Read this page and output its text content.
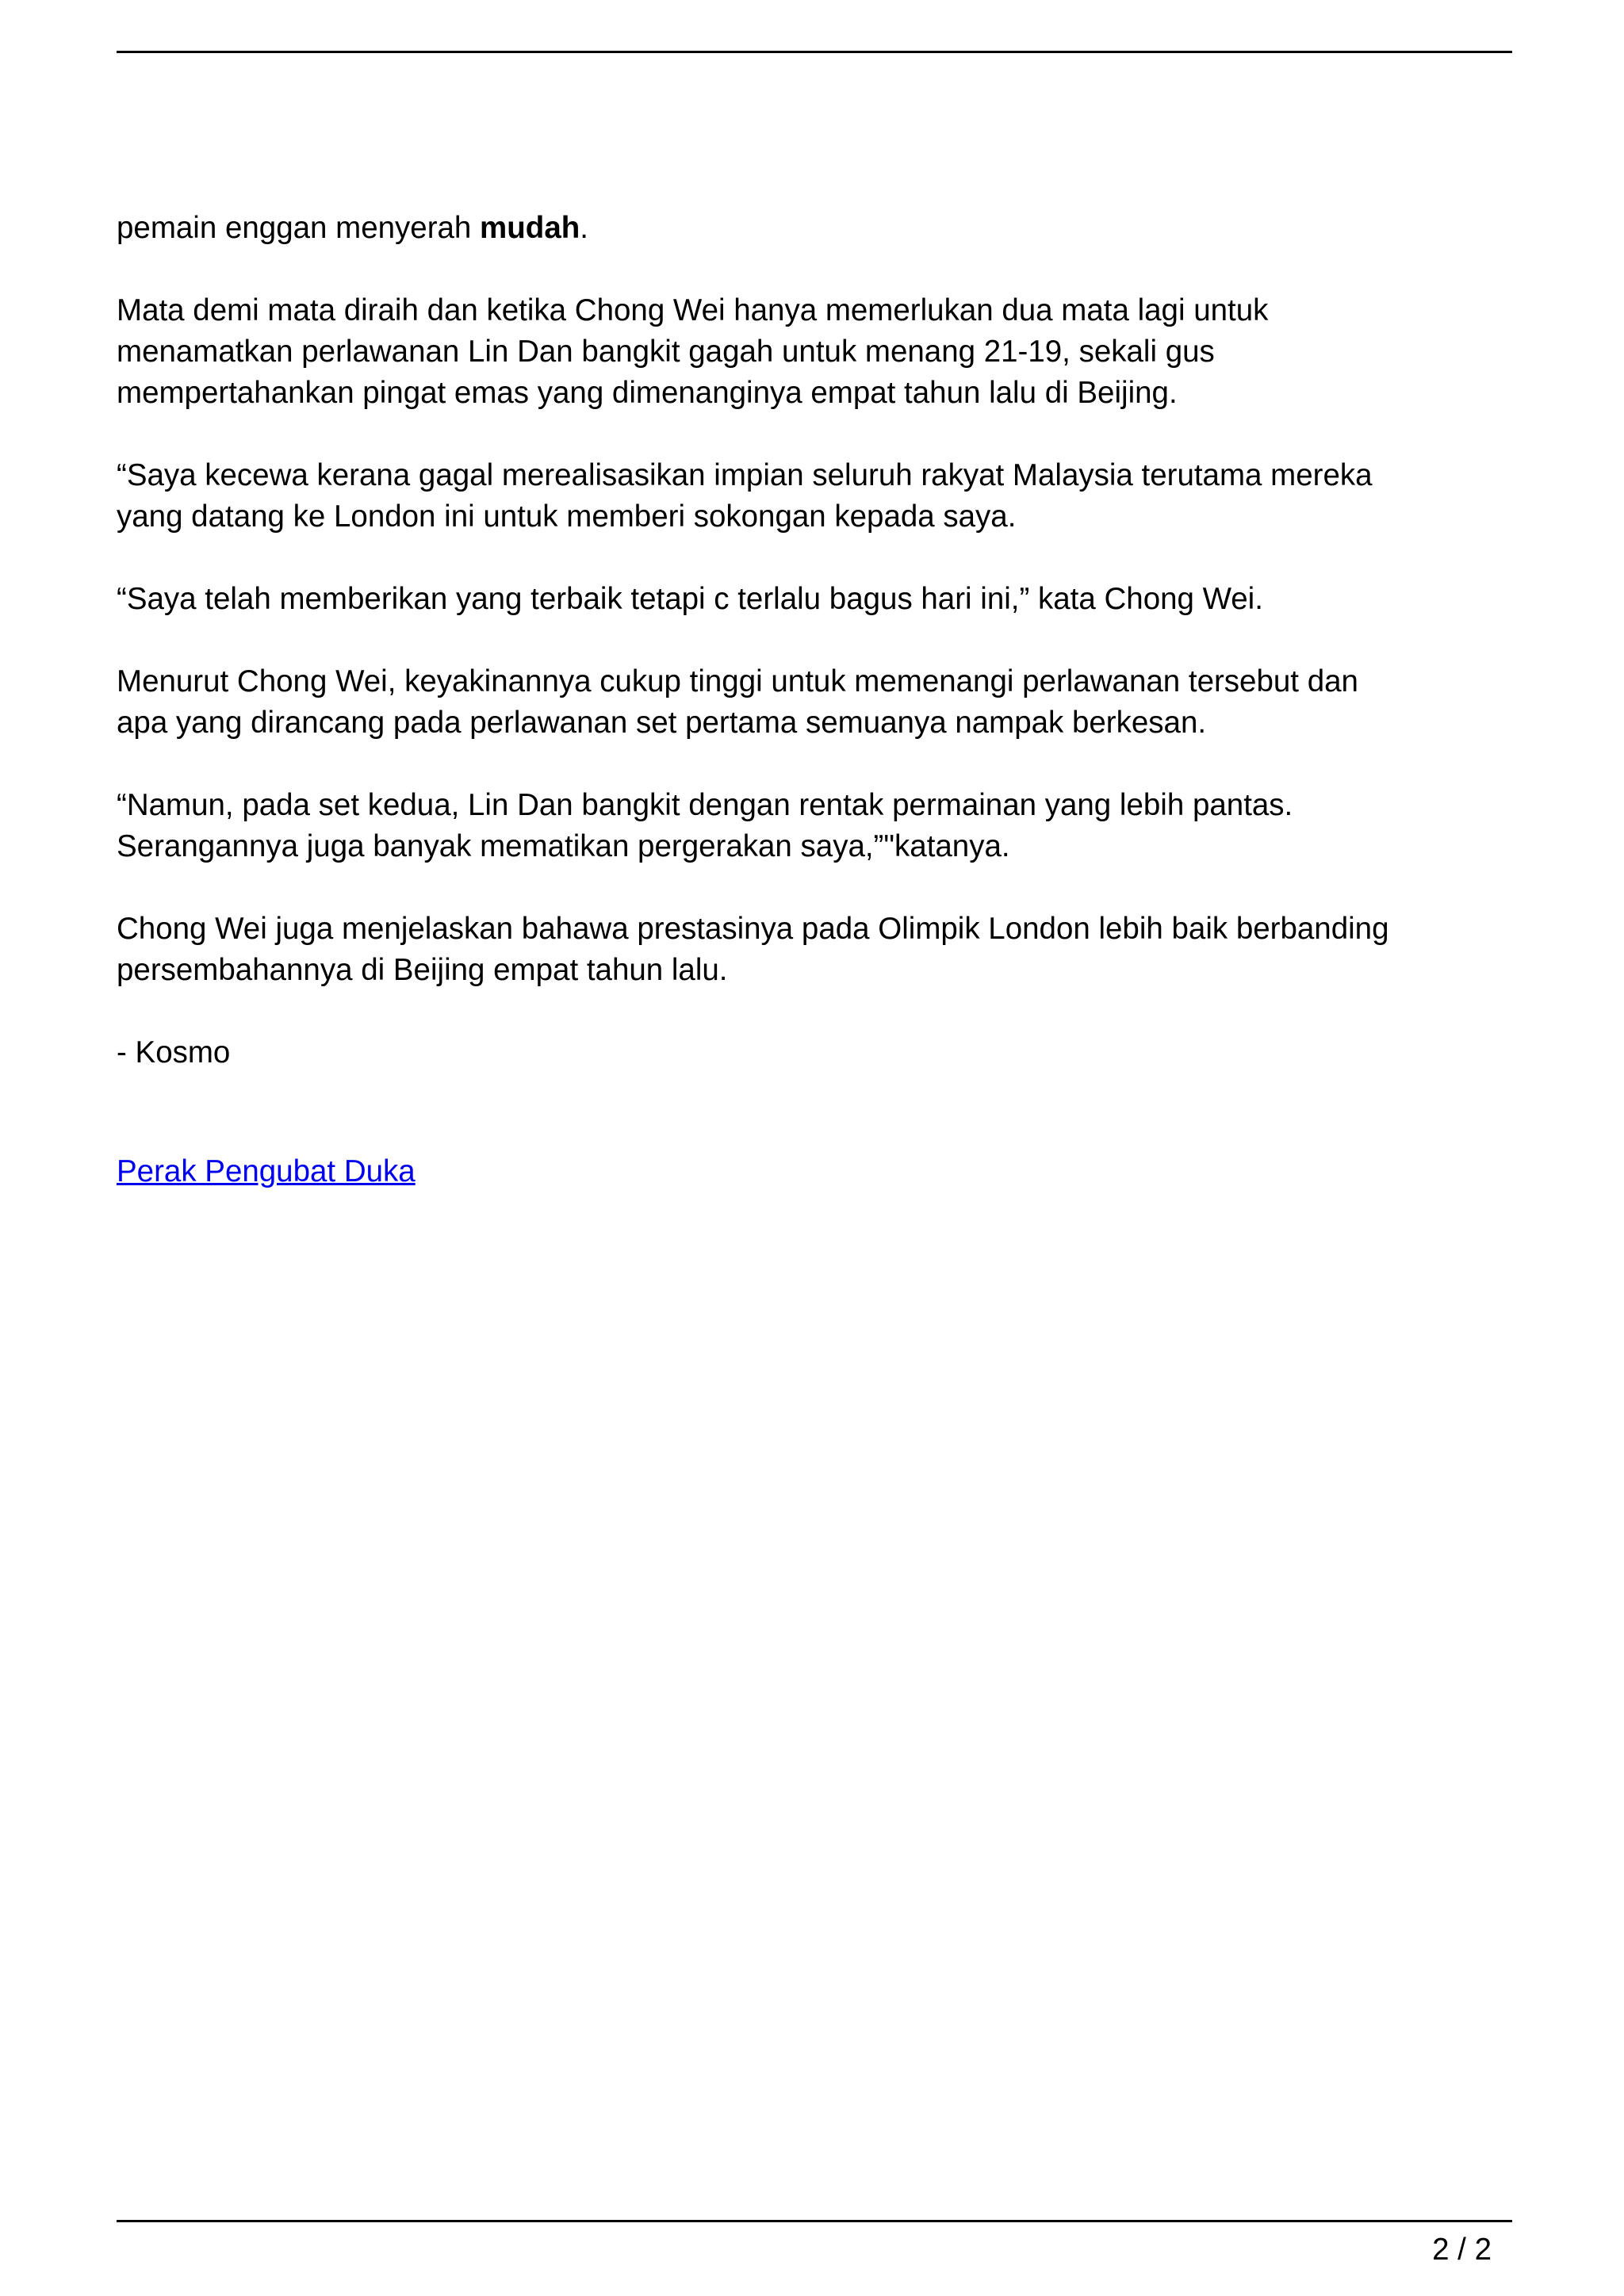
pemain enggan menyerah mudah.

Mata demi mata diraih dan ketika Chong Wei hanya memerlukan dua mata lagi untuk
menamatkan perlawanan Lin Dan bangkit gagah untuk menang 21-19, sekali gus
mempertahankan pingat emas yang dimenanginya empat tahun lalu di Beijing.

“Saya kecewa kerana gagal merealisasikan impian seluruh rakyat Malaysia terutama mereka
yang datang ke London ini untuk memberi sokongan kepada saya.

“Saya telah memberikan yang terbaik tetapi c terlalu bagus hari ini,” kata Chong Wei.

Menurut Chong Wei, keyakinannya cukup tinggi untuk memenangi perlawanan tersebut dan
apa yang dirancang pada perlawanan set pertama semuanya nampak berkesan.

“Namun, pada set kedua, Lin Dan bangkit dengan rentak permainan yang lebih pantas.
Serangannya juga banyak mematikan pergerakan saya,”"katanya.

Chong Wei juga menjelaskan bahawa prestasinya pada Olimpik London lebih baik berbanding
persembahannya di Beijing empat tahun lalu.

- Kosmo

Perak Pengubat Duka
2 / 2
